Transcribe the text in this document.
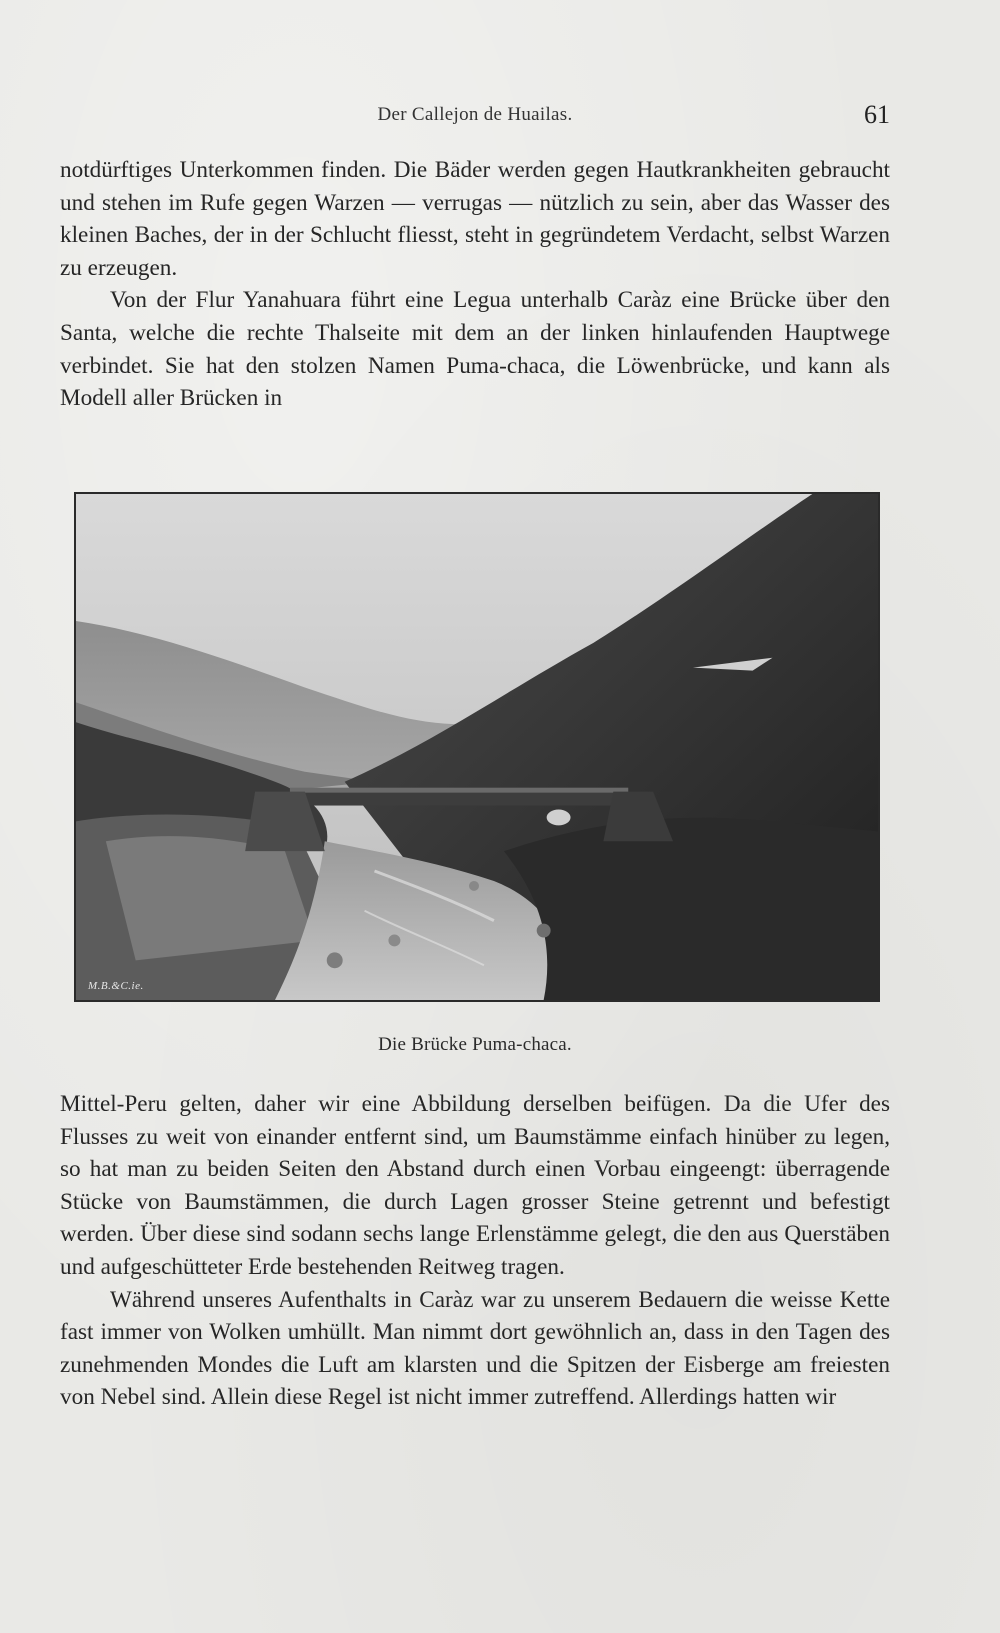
Der Callejon de Huailas.	61

notdürftiges Unterkommen finden. Die Bäder werden gegen Hautkrankheiten gebraucht und stehen im Rufe gegen Warzen — verrugas — nützlich zu sein, aber das Wasser des kleinen Baches, der in der Schlucht fliesst, steht in gegründetem Verdacht, selbst Warzen zu erzeugen.

Von der Flur Yanahuara führt eine Legua unterhalb Caràz eine Brücke über den Santa, welche die rechte Thalseite mit dem an der linken hinlaufenden Hauptwege verbindet. Sie hat den stolzen Namen Puma-chaca, die Löwenbrücke, und kann als Modell aller Brücken in

M.B.&C.ie.
Die Brücke Puma-chaca.

Mittel-Peru gelten, daher wir eine Abbildung derselben beifügen. Da die Ufer des Flusses zu weit von einander entfernt sind, um Baumstämme einfach hinüber zu legen, so hat man zu beiden Seiten den Abstand durch einen Vorbau eingeengt: überragende Stücke von Baumstämmen, die durch Lagen grosser Steine getrennt und befestigt werden. Über diese sind sodann sechs lange Erlenstämme gelegt, die den aus Querstäben und aufgeschütteter Erde bestehenden Reitweg tragen.

Während unseres Aufenthalts in Caràz war zu unserem Bedauern die weisse Kette fast immer von Wolken umhüllt. Man nimmt dort gewöhnlich an, dass in den Tagen des zunehmenden Mondes die Luft am klarsten und die Spitzen der Eisberge am freiesten von Nebel sind. Allein diese Regel ist nicht immer zutreffend. Allerdings hatten wir
